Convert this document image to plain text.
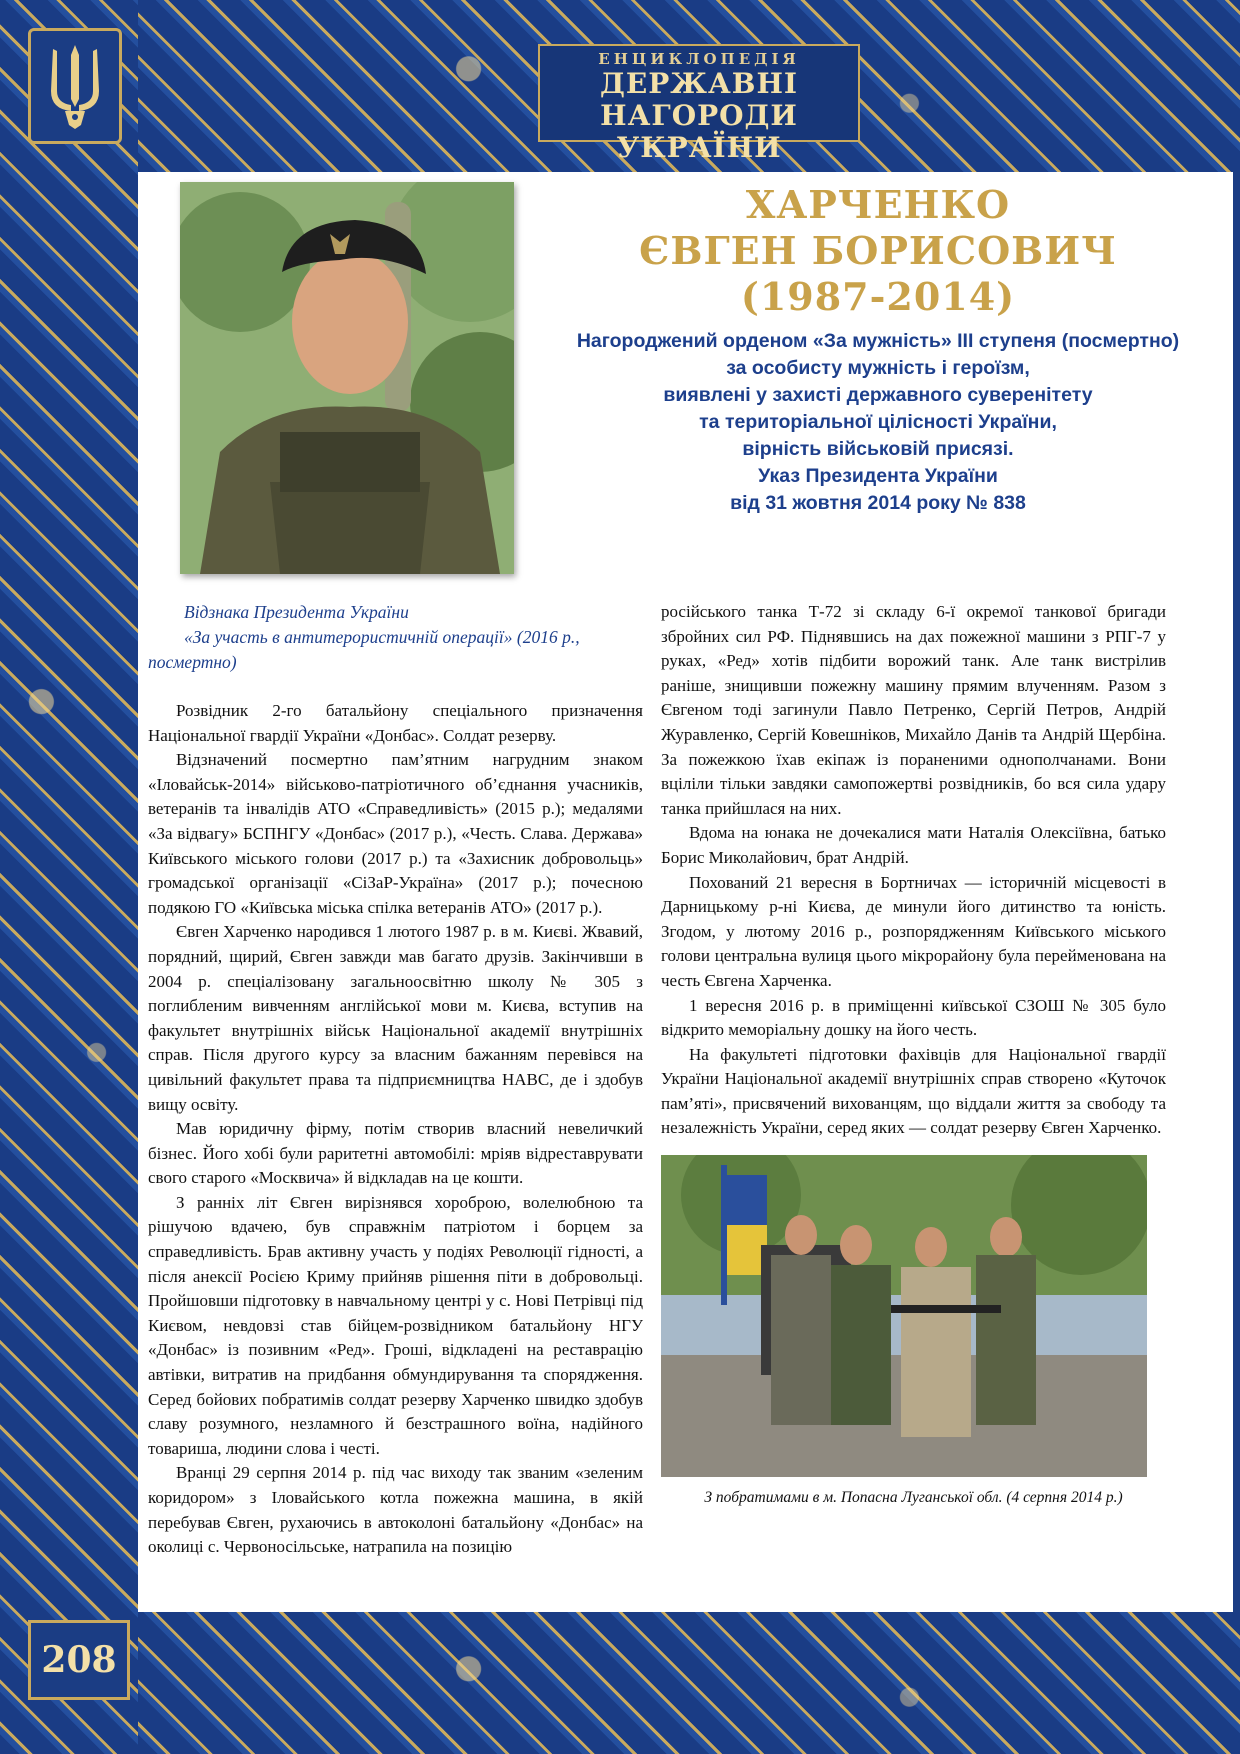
ЕНЦИКЛОПЕДІЯ
ДЕРЖАВНІ НАГОРОДИ
УКРАЇНИ
208
ХАРЧЕНКО
ЄВГЕН БОРИСОВИЧ
(1987-2014)
Нагороджений орденом «За мужність» III ступеня (посмертно)
за особисту мужність і героїзм,
виявлені у захисті державного суверенітету
та територіальної цілісності України,
вірність військовій присязі.
Указ Президента України
від 31 жовтня 2014 року № 838
Відзнака Президента України
«За участь в антитерористичній операції» (2016 р.,
посмертно)

Розвідник 2-го батальйону спеціального призначення Національної гвардії України «Донбас». Солдат резерву.

Відзначений посмертно пам’ятним нагрудним знаком «Іловайськ-2014» військово-патріотичного об’єднання учасників, ветеранів та інвалідів АТО «Справедливість» (2015 р.); медалями «За відвагу» БСПНГУ «Донбас» (2017 р.), «Честь. Слава. Держава» Київського міського голови (2017 р.) та «Захисник добровольць» громадської організації «СіЗаР-Україна» (2017 р.); почесною подякою ГО «Київська міська спілка ветеранів АТО» (2017 р.).

Євген Харченко народився 1 лютого 1987 р. в м. Києві. Жвавий, порядний, щирий, Євген завжди мав багато друзів. Закінчивши в 2004 р. спеціалізовану загальноосвітню школу № 305 з поглибленим вивченням англійської мови м. Києва, вступив на факультет внутрішніх військ Національної академії внутрішніх справ. Після другого курсу за власним бажанням перевівся на цивільний факультет права та підприємництва НАВС, де і здобув вищу освіту.

Мав юридичну фірму, потім створив власний невеличкий бізнес. Його хобі були раритетні автомобілі: мріяв відреставрувати свого старого «Москвича» й відкладав на це кошти.

З ранніх літ Євген вирізнявся хороброю, волелюбною та рішучою вдачею, був справжнім патріотом і борцем за справедливість. Брав активну участь у подіях Революції гідності, а після анексії Росією Криму прийняв рішення піти в добровольці. Пройшовши підготовку в навчальному центрі у с. Нові Петрівці під Києвом, невдовзі став бійцем-розвідником батальйону НГУ «Донбас» із позивним «Ред». Гроші, відкладені на реставрацію автівки, витратив на придбання обмундирування та спорядження. Серед бойових побратимів солдат резерву Харченко швидко здобув славу розумного, незламного й безстрашного воїна, надійного товариша, людини слова і честі.

Вранці 29 серпня 2014 р. під час виходу так званим «зеленим коридором» з Іловайського котла пожежна машина, в якій перебував Євген, рухаючись в автоколоні батальйону «Донбас» на околиці с. Червоносільське, натрапила на позицію

російського танка Т-72 зі складу 6-ї окремої танкової бригади збройних сил РФ. Піднявшись на дах пожежної машини з РПГ-7 у руках, «Ред» хотів підбити ворожий танк. Але танк вистрілив раніше, знищивши пожежну машину прямим влученням. Разом з Євгеном тоді загинули Павло Петренко, Сергій Петров, Андрій Журавленко, Сергій Ковешніков, Михайло Данів та Андрій Щербіна. За пожежкою їхав екіпаж із пораненими однополчанами. Вони вціліли тільки завдяки самопожертві розвідників, бо вся сила удару танка прийшлася на них.

Вдома на юнака не дочекалися мати Наталія Олексіївна, батько Борис Миколайович, брат Андрій.

Похований 21 вересня в Бортничах — історичній місцевості в Дарницькому р-ні Києва, де минули його дитинство та юність. Згодом, у лютому 2016 р., розпорядженням Київського міського голови центральна вулиця цього мікрорайону була перейменована на честь Євгена Харченка.

1 вересня 2016 р. в приміщенні київської СЗОШ № 305 було відкрито меморіальну дошку на його честь.

На факультеті підготовки фахівців для Національної гвардії України Національної академії внутрішніх справ створено «Куточок пам’яті», присвячений вихованцям, що віддали життя за свободу та незалежність України, серед яких — солдат резерву Євген Харченко.

З побратимами в м. Попасна Луганської обл. (4 серпня 2014 р.)
